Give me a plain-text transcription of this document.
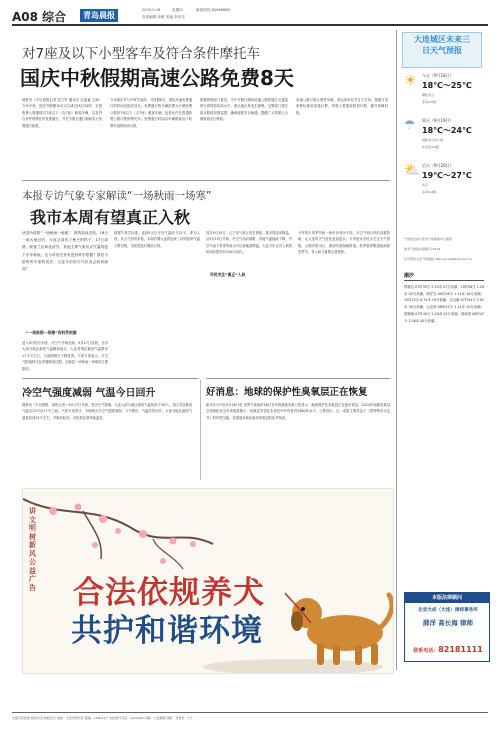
A08 综合	青岛晨报	2025.9.18	星期四	新闻热线 82488888
首席编辑 高敏 美编 李凤亮
对7座及以下小型客车及符合条件摩托车
国庆中秋假期高速公路免费8天
晨报讯（半岛晨报记者 张立军 通讯员 迟道睿 王涛）今年中秋、国庆节假期10月1日0时至8日24时，全国收费公路继续对7座以下（含7座）载客车辆，以及符合条件的摩托车免费通行，并在节假日通行期间实行免费通行政策。
今年国庆节与中秋节连休，共放假8天。国庆高速免费通行的时间也相应延长。免费通行的车辆范围为行驶收费公路的7座以下（含7座）载客车辆，包括允许在普通收费公路行驶的摩托车。免费通行时间以车辆驶离出口收费车道的时间为准。
根据管理部门意见，今年节假日期间高速公路的通行交通量预计将保持较高水平，重点地区易发生拥堵。交警部门将在重点路段加强巡逻，确保道路安全畅通，提醒广大驾驶人合理规划出行路线。
高速公路行驶合规等车辆，请运营单位节日不打折；按照日常收费标准收取通行费，驾驶人要提前规划行程，避开高峰时段。
大连城区未来三日天气预报
☀ 今天（9月18日）
18℃～25℃
晴转多云
北风4-5级
☂ 明天（9月19日）
18℃～24℃
阴转多云有小雨
东北风4-5级
⛅ 后天（9月20日）
19℃～27℃
多云
东风3-4级
气象信息由大连市气象服务中心提供
更多气象信息请拨打12121
也可登录大连气象网站 http://m.weather.com.cn
潮汐
棒棰岛 07时39分 2.19米 07分高潮；19时56分 1.18米 05分高潮；海洋岛 00时38分 1.14米 16分高潮；12时25分 0.74米 19分低潮；北良港 07时44分 2.02米 30分高潮；大窑湾 08时43分 1.14米 20分高潮；旅顺港 07时49分 2.20米 02分高潮；黄海湾 08时47分 2.56米 40分高潮。
本报专访气象专家解读“一场秋雨一场寒”
我市本周有望真正入秋
伙语所说的“一场秋雨一场寒”，真的如此灵验。16日一场大雨过后，大连又刮有了秋天的样子，17日清晨，除普兰店和北河外，其他主要气象站点气温均创下半年新低。这与该语完美有没有科学依据？我们不妨听听专家的说法，大连今后的天气状况会如何演变？
“一场秋雨一场寒”有科学依据
进入9月的后半段，冷空气开始光顾。9月17日清晨，全市大部分地区最低气温刷新低点，大连老城区最低气温降至17.3℃左右，与前期相比下降显著。气象专家表示，冷空气影响时往往伴随降雨过程，这就是一场秋雨一场寒的主要原因。
根据气象学标准，连续5天日平均气温低于22℃，即为入秋。从天气形势来看，本周后期大连将迎来一次明显的气温下降过程，市民需及时增添衣物。
市民关注“真正”入秋
同月9月15日，辽宁省气象台发布预报，我市将迎来降温。从9月15日开始，冷空气活动频繁，各地气温陆续下降，冷空气南下带来的雨水可以使地面降温，大连今年正式入秋的时间有望在9月20日前后。
今年的台风季节和一般年份有所不同。冷空气和台风的双重影响，让大连的天气变化更加复杂。专家建议市民多关注天气预报，合理安排出行，做好防寒保暖准备。秋季是呼吸道疾病高发季节，老人和儿童要注意预防。
冷空气强度减弱 气温今日回升
晨报讯（半岛晨报、晨报记者）9月17日早晨，受冷空气影响，大连大部分地区最低气温均低于20℃，各区市县最低气温为13℃至17℃之间。气象专家预计，今明两天冷空气强度减弱，天气晴好，气温有所回升，大部分地区最高气温将回到25℃左右，早晚仍较凉，市民需注意早晚温差。
好消息：地球的保护性臭氧层正在恢复
新华社日内瓦9月16日电 世界气象组织16日发布的最新臭氧公报显示，地球保护性臭氧层正在逐步恢复。2024年南极臭氧层空洞面积比近年来明显缩小，臭氧层有望在本世纪中叶恢复到1980年水平。公报指出，这一成果主要得益于《蒙特利尔议定书》的有效实施，各国逐步淘汰破坏臭氧层的化学物质。
讲文明 树新风 公益广告 合法依规养犬
共护和谐环境
本版法律顾问
北京大成（大连）律师事务所
薛洋 高长海 律师
联系电话：82181111
全国百佳报纸 版权所有 转载必究 地址：大连市西岗区 邮编：116011 广告经营许可证：2102001 印刷：大连晨报印刷厂 零售价：1元
